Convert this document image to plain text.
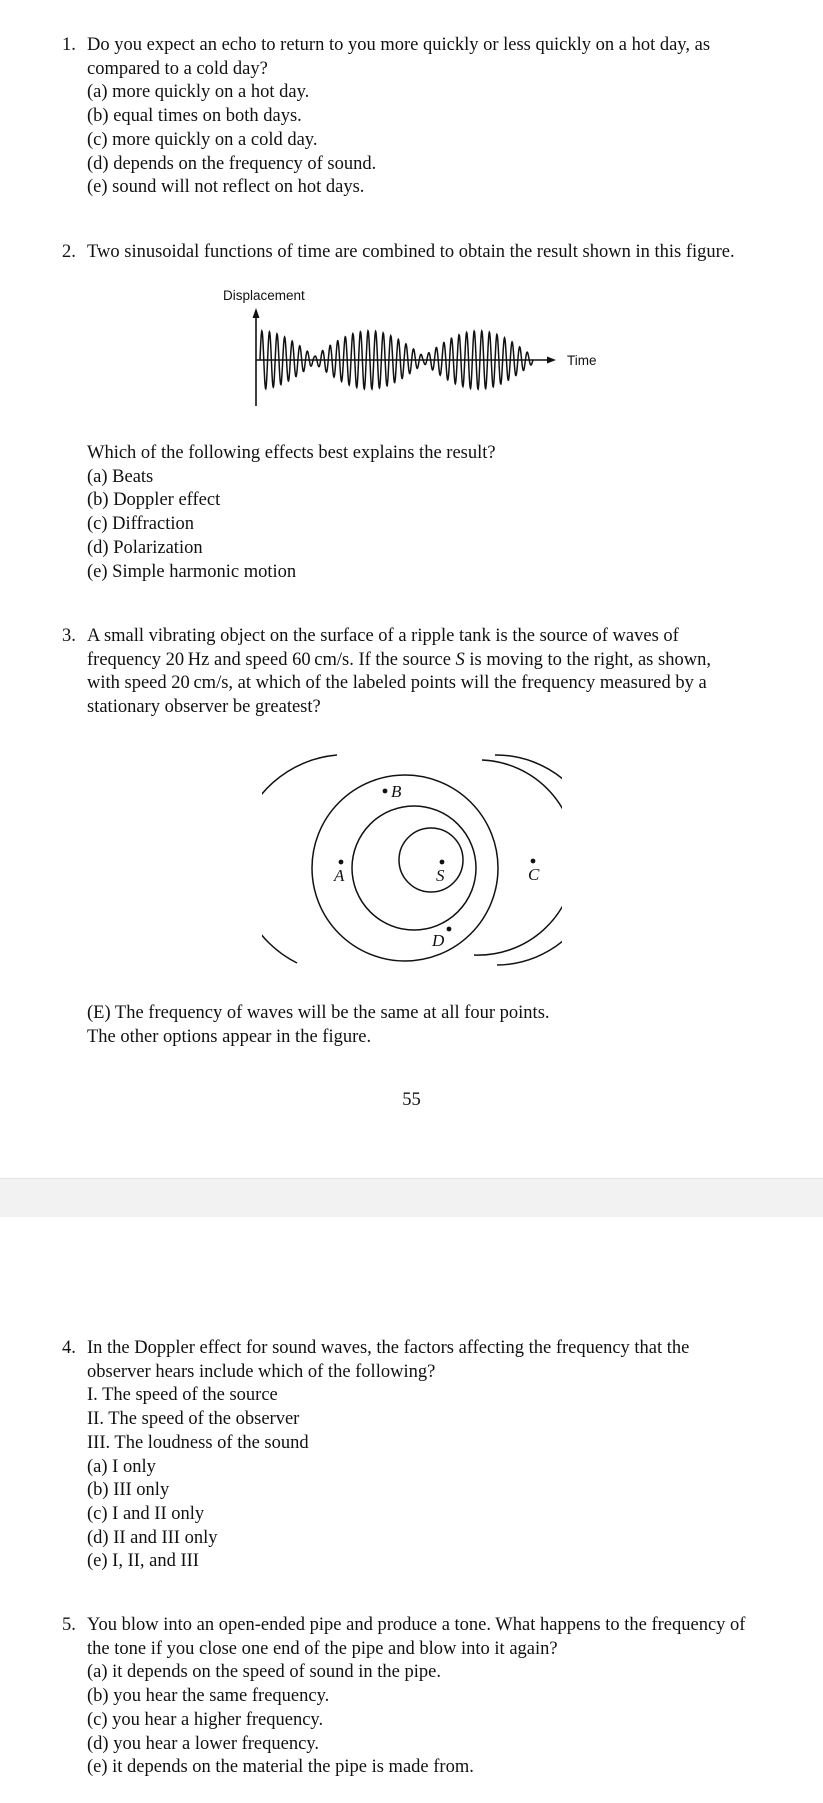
1. Do you expect an echo to return to you more quickly or less quickly on a hot day, as
compared to a cold day?
(a) more quickly on a hot day.
(b) equal times on both days.
(c) more quickly on a cold day.
(d) depends on the frequency of sound.
(e) sound will not reflect on hot days.
2. Two sinusoidal functions of time are combined to obtain the result shown in this figure.
Displacement
Time
Which of the following effects best explains the result?
(a) Beats
(b) Doppler effect
(c) Diffraction
(d) Polarization
(e) Simple harmonic motion
3. A small vibrating object on the surface of a ripple tank is the source of waves of
frequency 20 Hz and speed 60 cm/s. If the source S is moving to the right, as shown,
with speed 20 cm/s, at which of the labeled points will the frequency measured by a
stationary observer be greatest?
B
A	S	C
D
(E) The frequency of waves will be the same at all four points.
The other options appear in the figure.
55
4. In the Doppler effect for sound waves, the factors affecting the frequency that the
observer hears include which of the following?
I. The speed of the source
II. The speed of the observer
III. The loudness of the sound
(a) I only
(b) III only
(c) I and II only
(d) II and III only
(e) I, II, and III
5. You blow into an open-ended pipe and produce a tone. What happens to the frequency of
the tone if you close one end of the pipe and blow into it again?
(a) it depends on the speed of sound in the pipe.
(b) you hear the same frequency.
(c) you hear a higher frequency.
(d) you hear a lower frequency.
(e) it depends on the material the pipe is made from.
